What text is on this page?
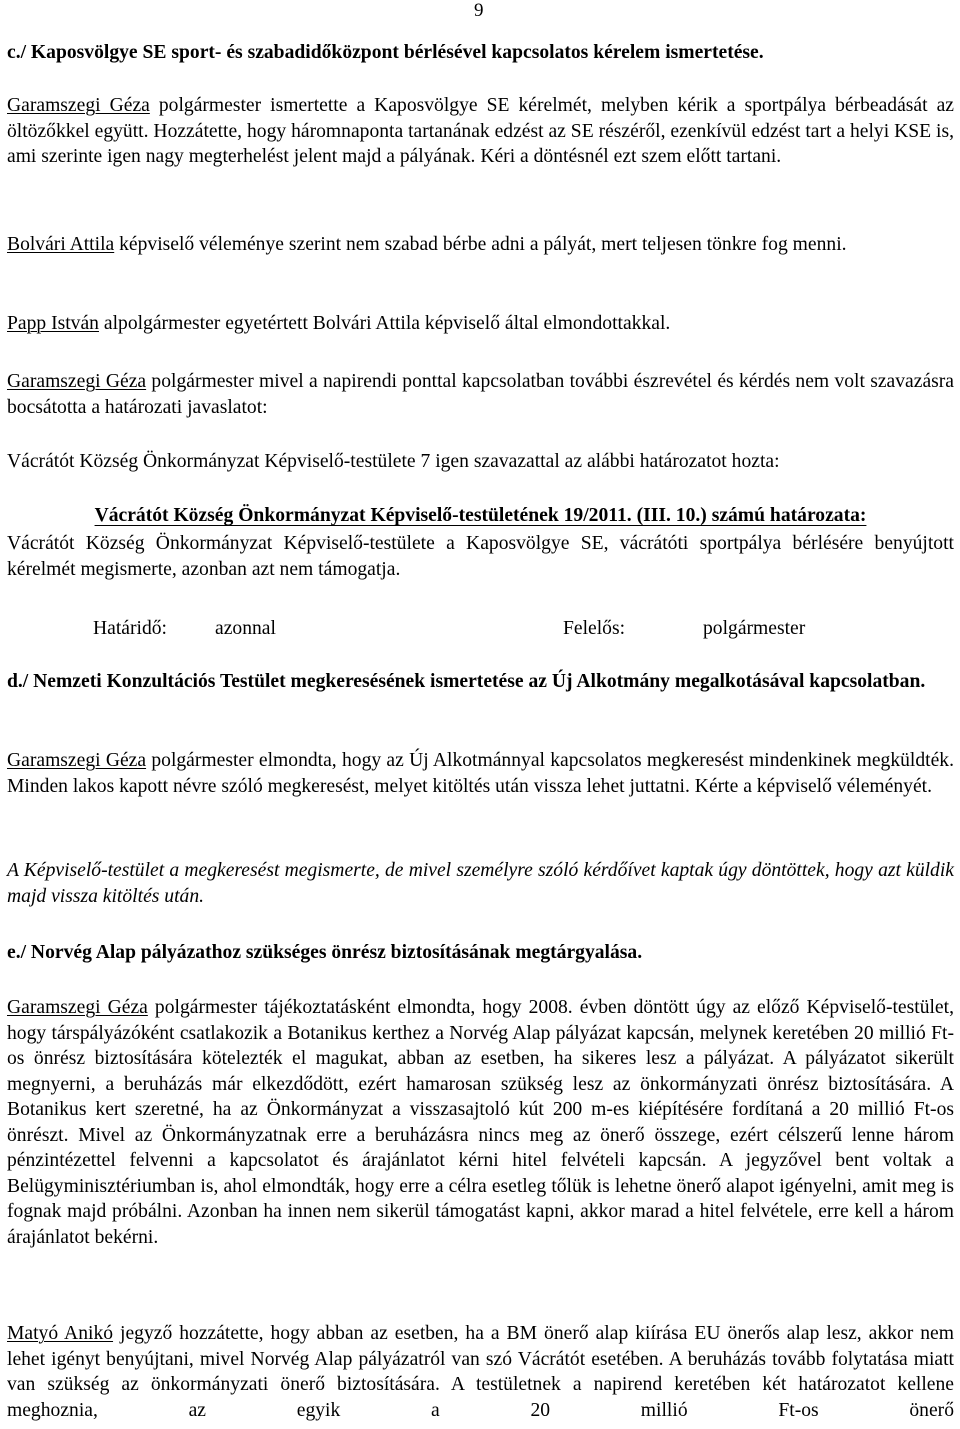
9

c./ Kaposvölgye SE sport- és szabadidőközpont bérlésével kapcsolatos kérelem ismertetése.

Garamszegi Géza polgármester ismertette a Kaposvölgye SE kérelmét, melyben kérik a sportpálya bérbeadását az öltözőkkel együtt. Hozzátette, hogy háromnaponta tartanának edzést az SE részéről, ezenkívül edzést tart a helyi KSE is, ami szerinte igen nagy megterhelést jelent majd a pályának. Kéri a döntésnél ezt szem előtt tartani.

Bolvári Attila képviselő véleménye szerint nem szabad bérbe adni a pályát, mert teljesen tönkre fog menni.

Papp István alpolgármester egyetértett Bolvári Attila képviselő által elmondottakkal.

Garamszegi Géza polgármester mivel a napirendi ponttal kapcsolatban további észrevétel és kérdés nem volt szavazásra bocsátotta a határozati javaslatot:

Vácrátót Község Önkormányzat Képviselő-testülete 7 igen szavazattal az alábbi határozatot hozta:

Vácrátót Község Önkormányzat Képviselő-testületének 19/2011. (III. 10.) számú határozata:

Vácrátót Község Önkormányzat Képviselő-testülete a Kaposvölgye SE, vácrátóti sportpálya bérlésére benyújtott kérelmét megismerte, azonban azt nem támogatja.

Határidő: azonnal	Felelős:	polgármester

d./ Nemzeti Konzultációs Testület megkeresésének ismertetése az Új Alkotmány megalkotásával kapcsolatban.

Garamszegi Géza polgármester elmondta, hogy az Új Alkotmánnyal kapcsolatos megkeresést mindenkinek megküldték. Minden lakos kapott névre szóló megkeresést, melyet kitöltés után vissza lehet juttatni. Kérte a képviselő véleményét.

A Képviselő-testület a megkeresést megismerte, de mivel személyre szóló kérdőívet kaptak úgy döntöttek, hogy azt küldik majd vissza kitöltés után.

e./ Norvég Alap pályázathoz szükséges önrész biztosításának megtárgyalása.

Garamszegi Géza polgármester tájékoztatásként elmondta, hogy 2008. évben döntött úgy az előző Képviselő-testület, hogy társpályázóként csatlakozik a Botanikus kerthez a Norvég Alap pályázat kapcsán, melynek keretében 20 millió Ft-os önrész biztosítására kötelezték el magukat, abban az esetben, ha sikeres lesz a pályázat. A pályázatot sikerült megnyerni, a beruházás már elkezdődött, ezért hamarosan szükség lesz az önkormányzati önrész biztosítására. A Botanikus kert szeretné, ha az Önkormányzat a visszasajtoló kút 200 m-es kiépítésére fordítaná a 20 millió Ft-os önrészt. Mivel az Önkormányzatnak erre a beruházásra nincs meg az önerő összege, ezért célszerű lenne három pénzintézettel felvenni a kapcsolatot és árajánlatot kérni hitel felvételi kapcsán. A jegyzővel bent voltak a Belügyminisztériumban is, ahol elmondták, hogy erre a célra esetleg tőlük is lehetne önerő alapot igényelni, amit meg is fognak majd próbálni. Azonban ha innen nem sikerül támogatást kapni, akkor marad a hitel felvétele, erre kell a három árajánlatot bekérni.

Matyó Anikó jegyző hozzátette, hogy abban az esetben, ha a BM önerő alap kiírása EU önerős alap lesz, akkor nem lehet igényt benyújtani, mivel Norvég Alap pályázatról van szó Vácrátót esetében. A beruházás tovább folytatása miatt van szükség az önkormányzati önerő biztosítására. A testületnek a napirend keretében két határozatot kellene meghoznia, az egyik a 20 millió Ft-os önerő
